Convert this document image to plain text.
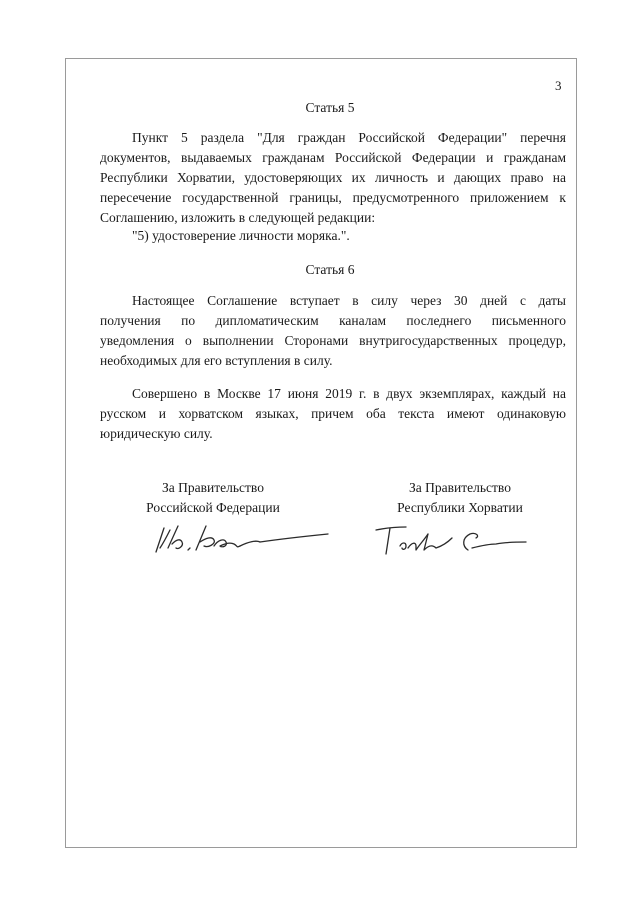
3
Статья 5
Пункт 5 раздела "Для граждан Российской Федерации" перечня
документов, выдаваемых гражданам Российской Федерации и гражданам
Республики Хорватии, удостоверяющих их личность и дающих право на
пересечение государственной границы, предусмотренного приложением к
Соглашению, изложить в следующей редакции:
"5) удостоверение личности моряка.".
Статья 6
Настоящее Соглашение вступает в силу через 30 дней с даты
получения по дипломатическим каналам последнего письменного
уведомления о выполнении Сторонами внутригосударственных процедур,
необходимых для его вступления в силу.
Совершено в Москве 17 июня 2019 г. в двух экземплярах, каждый на
русском и хорватском языках, причем оба текста имеют одинаковую
юридическую силу.
За Правительство
Российской Федерации
За Правительство
Республики Хорватии
